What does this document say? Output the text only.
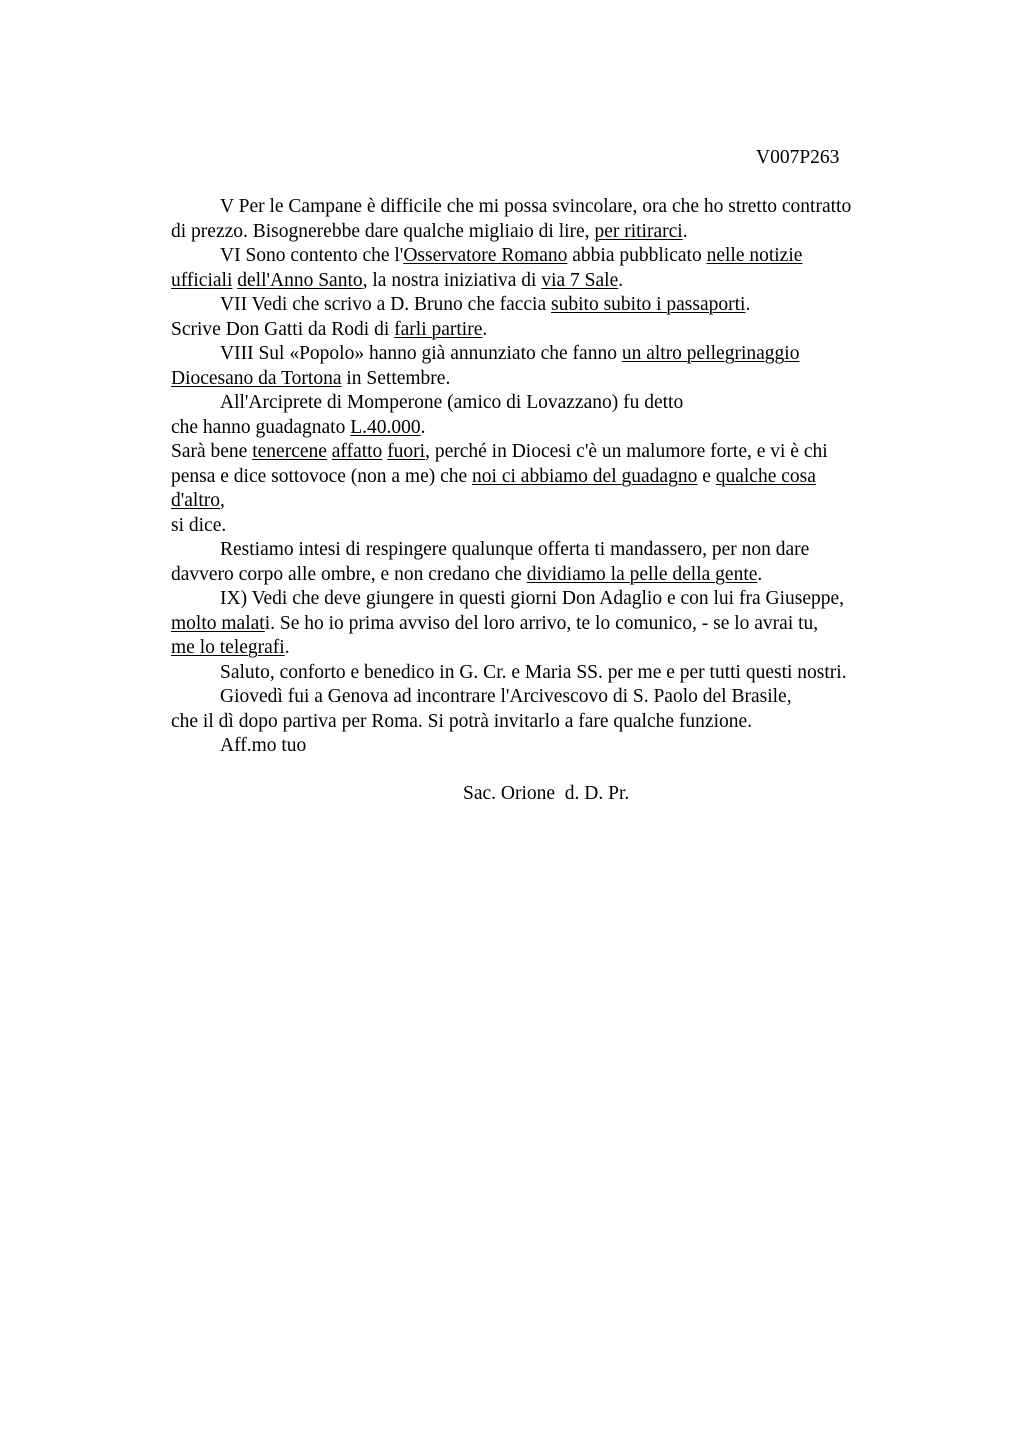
V007P263
V Per le Campane è difficile che mi possa svincolare, ora che ho stretto contratto
di prezzo. Bisognerebbe dare qualche migliaio di lire, per ritirarci.
VI Sono contento che l'Osservatore Romano abbia pubblicato nelle notizie
ufficiali dell'Anno Santo, la nostra iniziativa di via 7 Sale.
VII Vedi che scrivo a D. Bruno che faccia subito subito i passaporti.
Scrive Don Gatti da Rodi di farli partire.
VIII Sul «Popolo» hanno già annunziato che fanno un altro pellegrinaggio
Diocesano da Tortona in Settembre.
All'Arciprete di Momperone (amico di Lovazzano) fu detto
che hanno guadagnato L.40.000.
Sarà bene tenercene affatto fuori, perché in Diocesi c'è un malumore forte, e vi è chi
pensa e dice sottovoce (non a me) che noi ci abbiamo del guadagno e qualche cosa
d'altro,
si dice.
Restiamo intesi di respingere qualunque offerta ti mandassero, per non dare
davvero corpo alle ombre, e non credano che dividiamo la pelle della gente.
IX) Vedi che deve giungere in questi giorni Don Adaglio e con lui fra Giuseppe,
molto malati. Se ho io prima avviso del loro arrivo, te lo comunico, - se lo avrai tu,
me lo telegrafi.
Saluto, conforto e benedico in G. Cr. e Maria SS. per me e per tutti questi nostri.
Giovedì fui a Genova ad incontrare l'Arcivescovo di S. Paolo del Brasile,
che il dì dopo partiva per Roma. Si potrà invitarlo a fare qualche funzione.
Aff.mo tuo
Sac. Orione  d. D. Pr.
